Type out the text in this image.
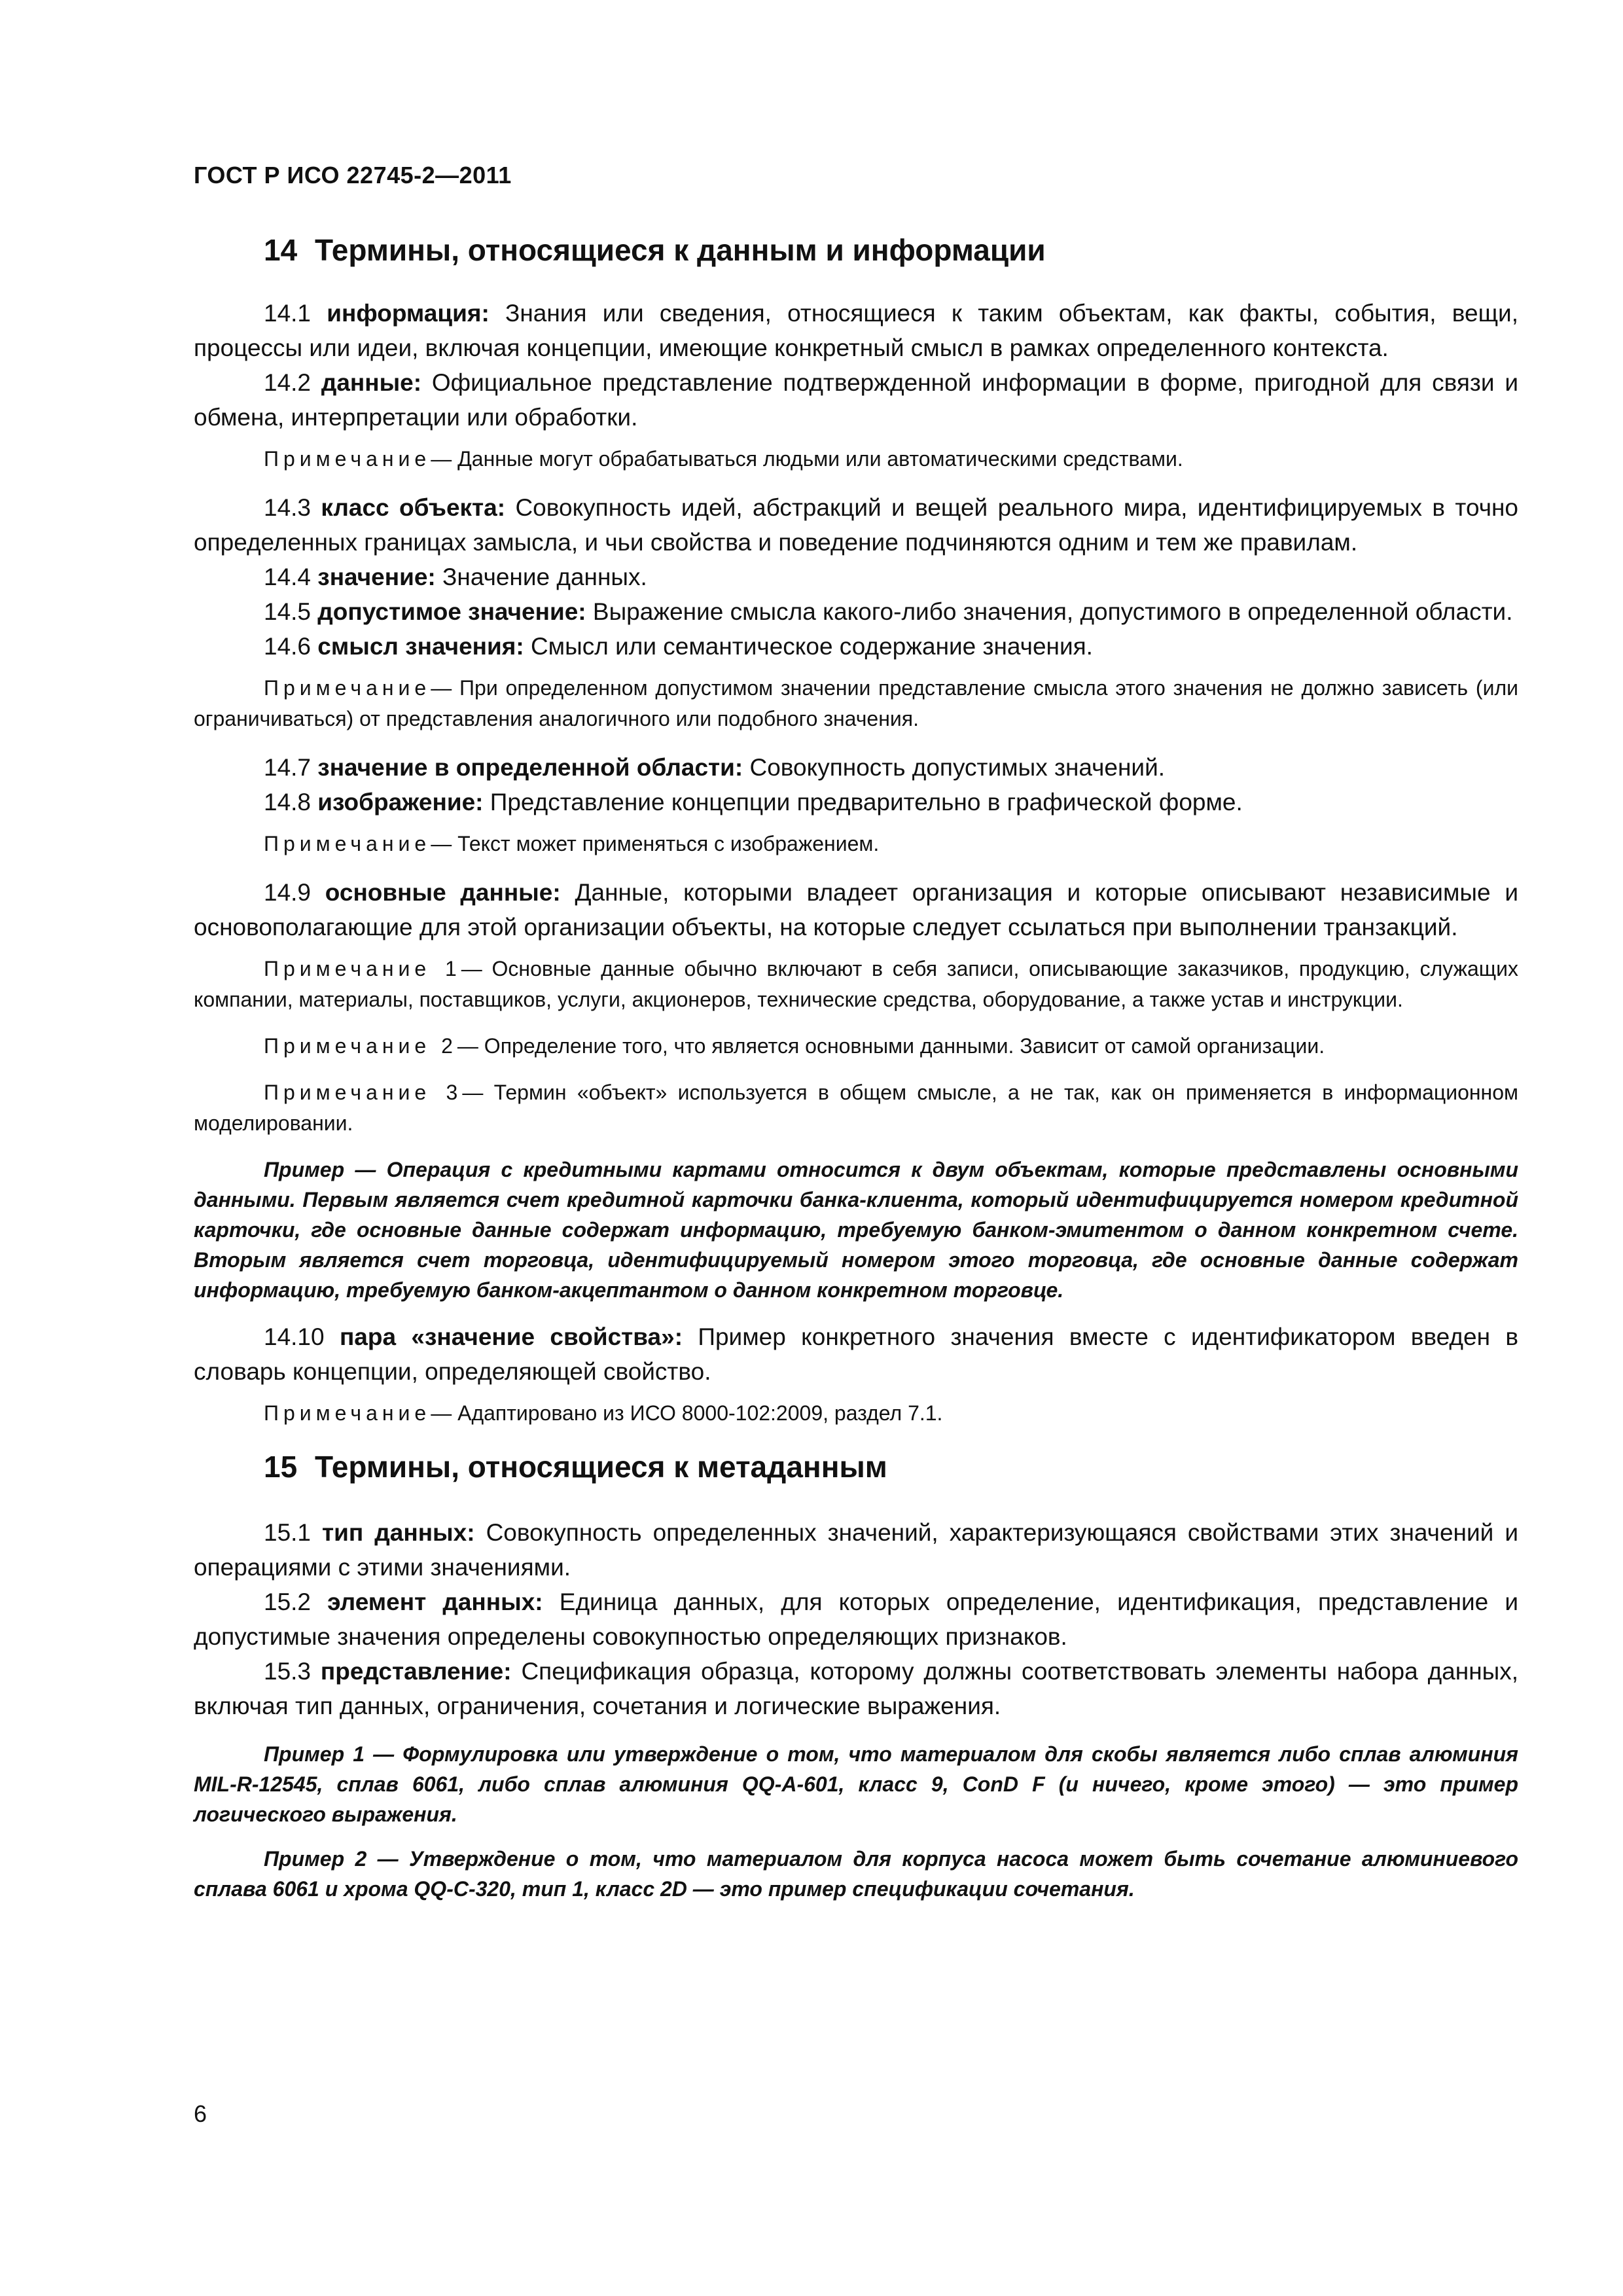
ГОСТ Р ИСО 22745-2—2011
14 Термины, относящиеся к данным и информации

14.1 информация: Знания или сведения, относящиеся к таким объектам, как факты, события, вещи, процессы или идеи, включая концепции, имеющие конкретный смысл в рамках определенного контекста.

14.2 данные: Официальное представление подтвержденной информации в форме, пригодной для связи и обмена, интерпретации или обработки.

Примечание— Данные могут обрабатываться людьми или автоматическими средствами.

14.3 класс объекта: Совокупность идей, абстракций и вещей реального мира, идентифицируемых в точно определенных границах замысла, и чьи свойства и поведение подчиняются одним и тем же правилам.

14.4 значение: Значение данных.

14.5 допустимое значение: Выражение смысла какого-либо значения, допустимого в определенной области.

14.6 смысл значения: Смысл или семантическое содержание значения.

Примечание— При определенном допустимом значении представление смысла этого значения не должно зависеть (или ограничиваться) от представления аналогичного или подобного значения.

14.7 значение в определенной области: Совокупность допустимых значений.

14.8 изображение: Представление концепции предварительно в графической форме.

Примечание— Текст может применяться с изображением.

14.9 основные данные: Данные, которыми владеет организация и которые описывают независимые и основополагающие для этой организации объекты, на которые следует ссылаться при выполнении транзакций.

Примечание 1— Основные данные обычно включают в себя записи, описывающие заказчиков, продукцию, служащих компании, материалы, поставщиков, услуги, акционеров, технические средства, оборудование, а также устав и инструкции.

Примечание 2— Определение того, что является основными данными. Зависит от самой организации.

Примечание 3— Термин «объект» используется в общем смысле, а не так, как он применяется в информационном моделировании.

Пример — Операция с кредитными картами относится к двум объектам, которые представлены основными данными. Первым является счет кредитной карточки банка-клиента, который идентифицируется номером кредитной карточки, где основные данные содержат информацию, требуемую банком-эмитентом о данном конкретном счете. Вторым является счет торговца, идентифицируемый номером этого торговца, где основные данные содержат информацию, требуемую банком-акцептантом о данном конкретном торговце.

14.10 пара «значение свойства»: Пример конкретного значения вместе с идентификатором введен в словарь концепции, определяющей свойство.

Примечание— Адаптировано из ИСО 8000-102:2009, раздел 7.1.

15 Термины, относящиеся к метаданным

15.1 тип данных: Совокупность определенных значений, характеризующаяся свойствами этих значений и операциями с этими значениями.

15.2 элемент данных: Единица данных, для которых определение, идентификация, представление и допустимые значения определены совокупностью определяющих признаков.

15.3 представление: Спецификация образца, которому должны соответствовать элементы набора данных, включая тип данных, ограничения, сочетания и логические выражения.

Пример 1 — Формулировка или утверждение о том, что материалом для скобы является либо сплав алюминия MIL-R-12545, сплав 6061, либо сплав алюминия QQ-A-601, класс 9, ConD F (и ничего, кроме этого) — это пример логического выражения.

Пример 2 — Утверждение о том, что материалом для корпуса насоса может быть сочетание алюминиевого сплава 6061 и хрома QQ-C-320, тип 1, класс 2D — это пример спецификации сочетания.

6
